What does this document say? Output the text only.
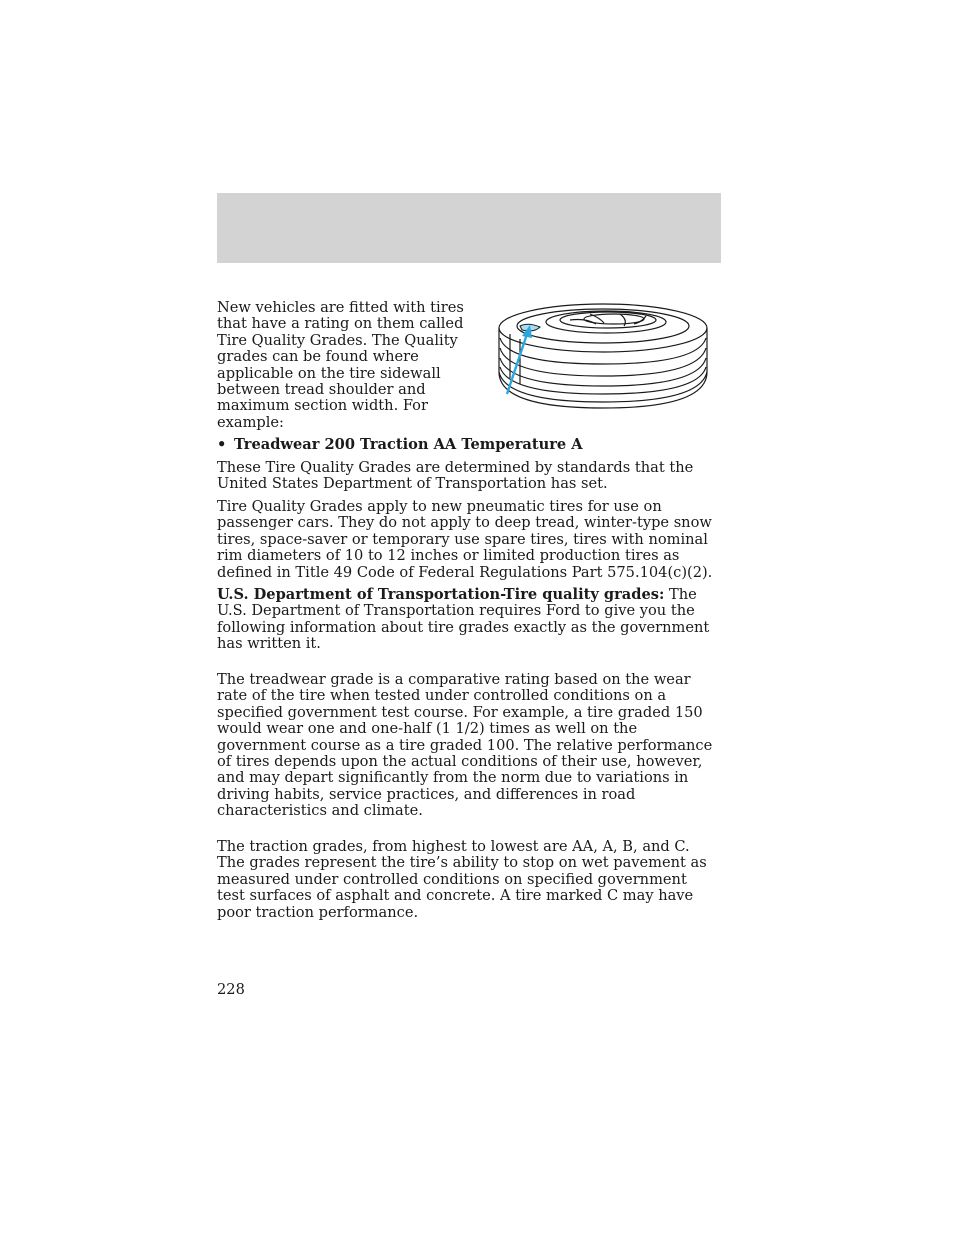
New vehicles are fitted with tires that have a rating on them called Tire Quality Grades. The Quality grades can be found where applicable on the tire sidewall between tread shoulder and maximum section width. For example:

• Treadwear 200 Traction AA Temperature A

These Tire Quality Grades are determined by standards that the United States Department of Transportation has set.

Tire Quality Grades apply to new pneumatic tires for use on passenger cars. They do not apply to deep tread, winter-type snow tires, space-saver or temporary use spare tires, tires with nominal rim diameters of 10 to 12 inches or limited production tires as defined in Title 49 Code of Federal Regulations Part 575.104(c)(2).

U.S. Department of Transportation-Tire quality grades: The U.S. Department of Transportation requires Ford to give you the following information about tire grades exactly as the government has written it.

The treadwear grade is a comparative rating based on the wear rate of the tire when tested under controlled conditions on a specified government test course. For example, a tire graded 150 would wear one and one-half (1 1/2) times as well on the government course as a tire graded 100. The relative performance of tires depends upon the actual conditions of their use, however, and may depart significantly from the norm due to variations in driving habits, service practices, and differences in road characteristics and climate.

The traction grades, from highest to lowest are AA, A, B, and C. The grades represent the tire’s ability to stop on wet pavement as measured under controlled conditions on specified government test surfaces of asphalt and concrete. A tire marked C may have poor traction performance.

228
